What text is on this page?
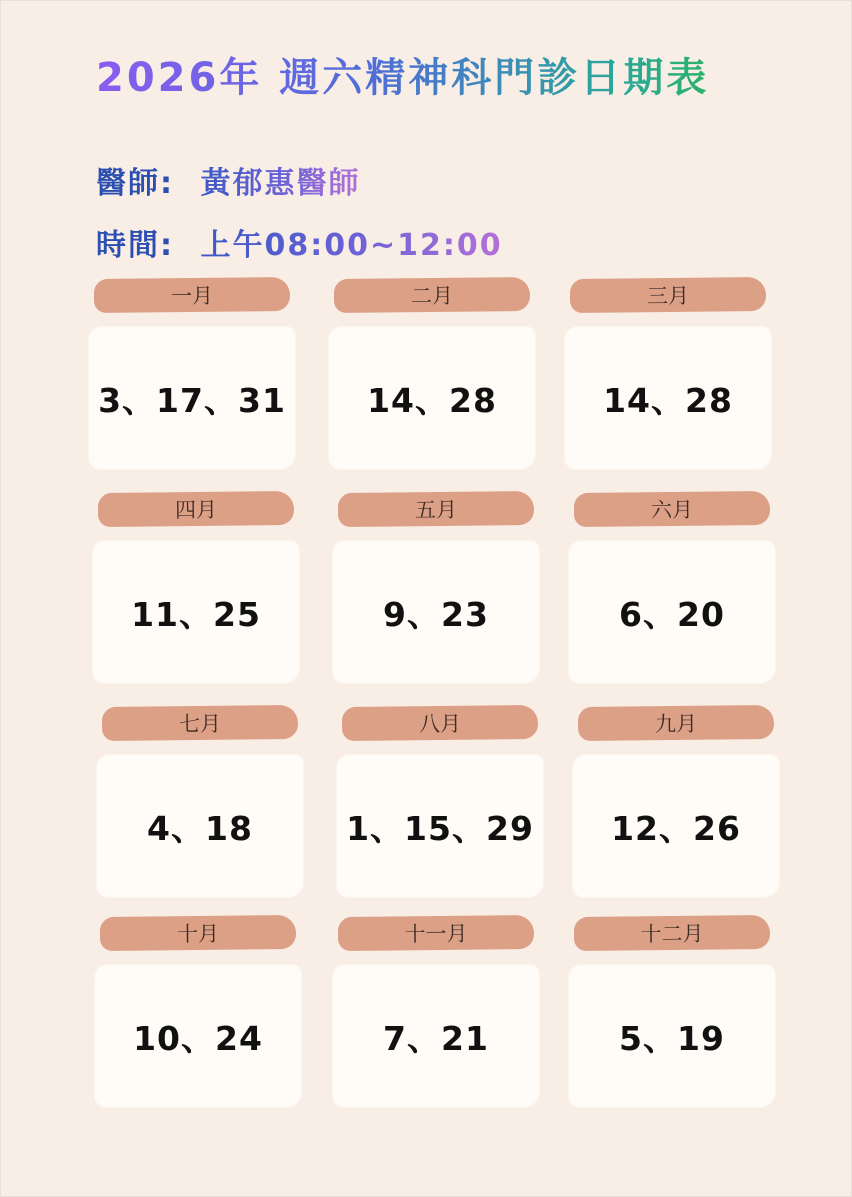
2026年 週六精神科門診日期表
醫師: 黃郁惠醫師
時間: 上午08:00~12:00
一月
3、17、31
二月
14、28
三月
14、28
四月
11、25
五月
9、23
六月
6、20
七月
4、18
八月
1、15、29
九月
12、26
十月
10、24
十一月
7、21
十二月
5、19
